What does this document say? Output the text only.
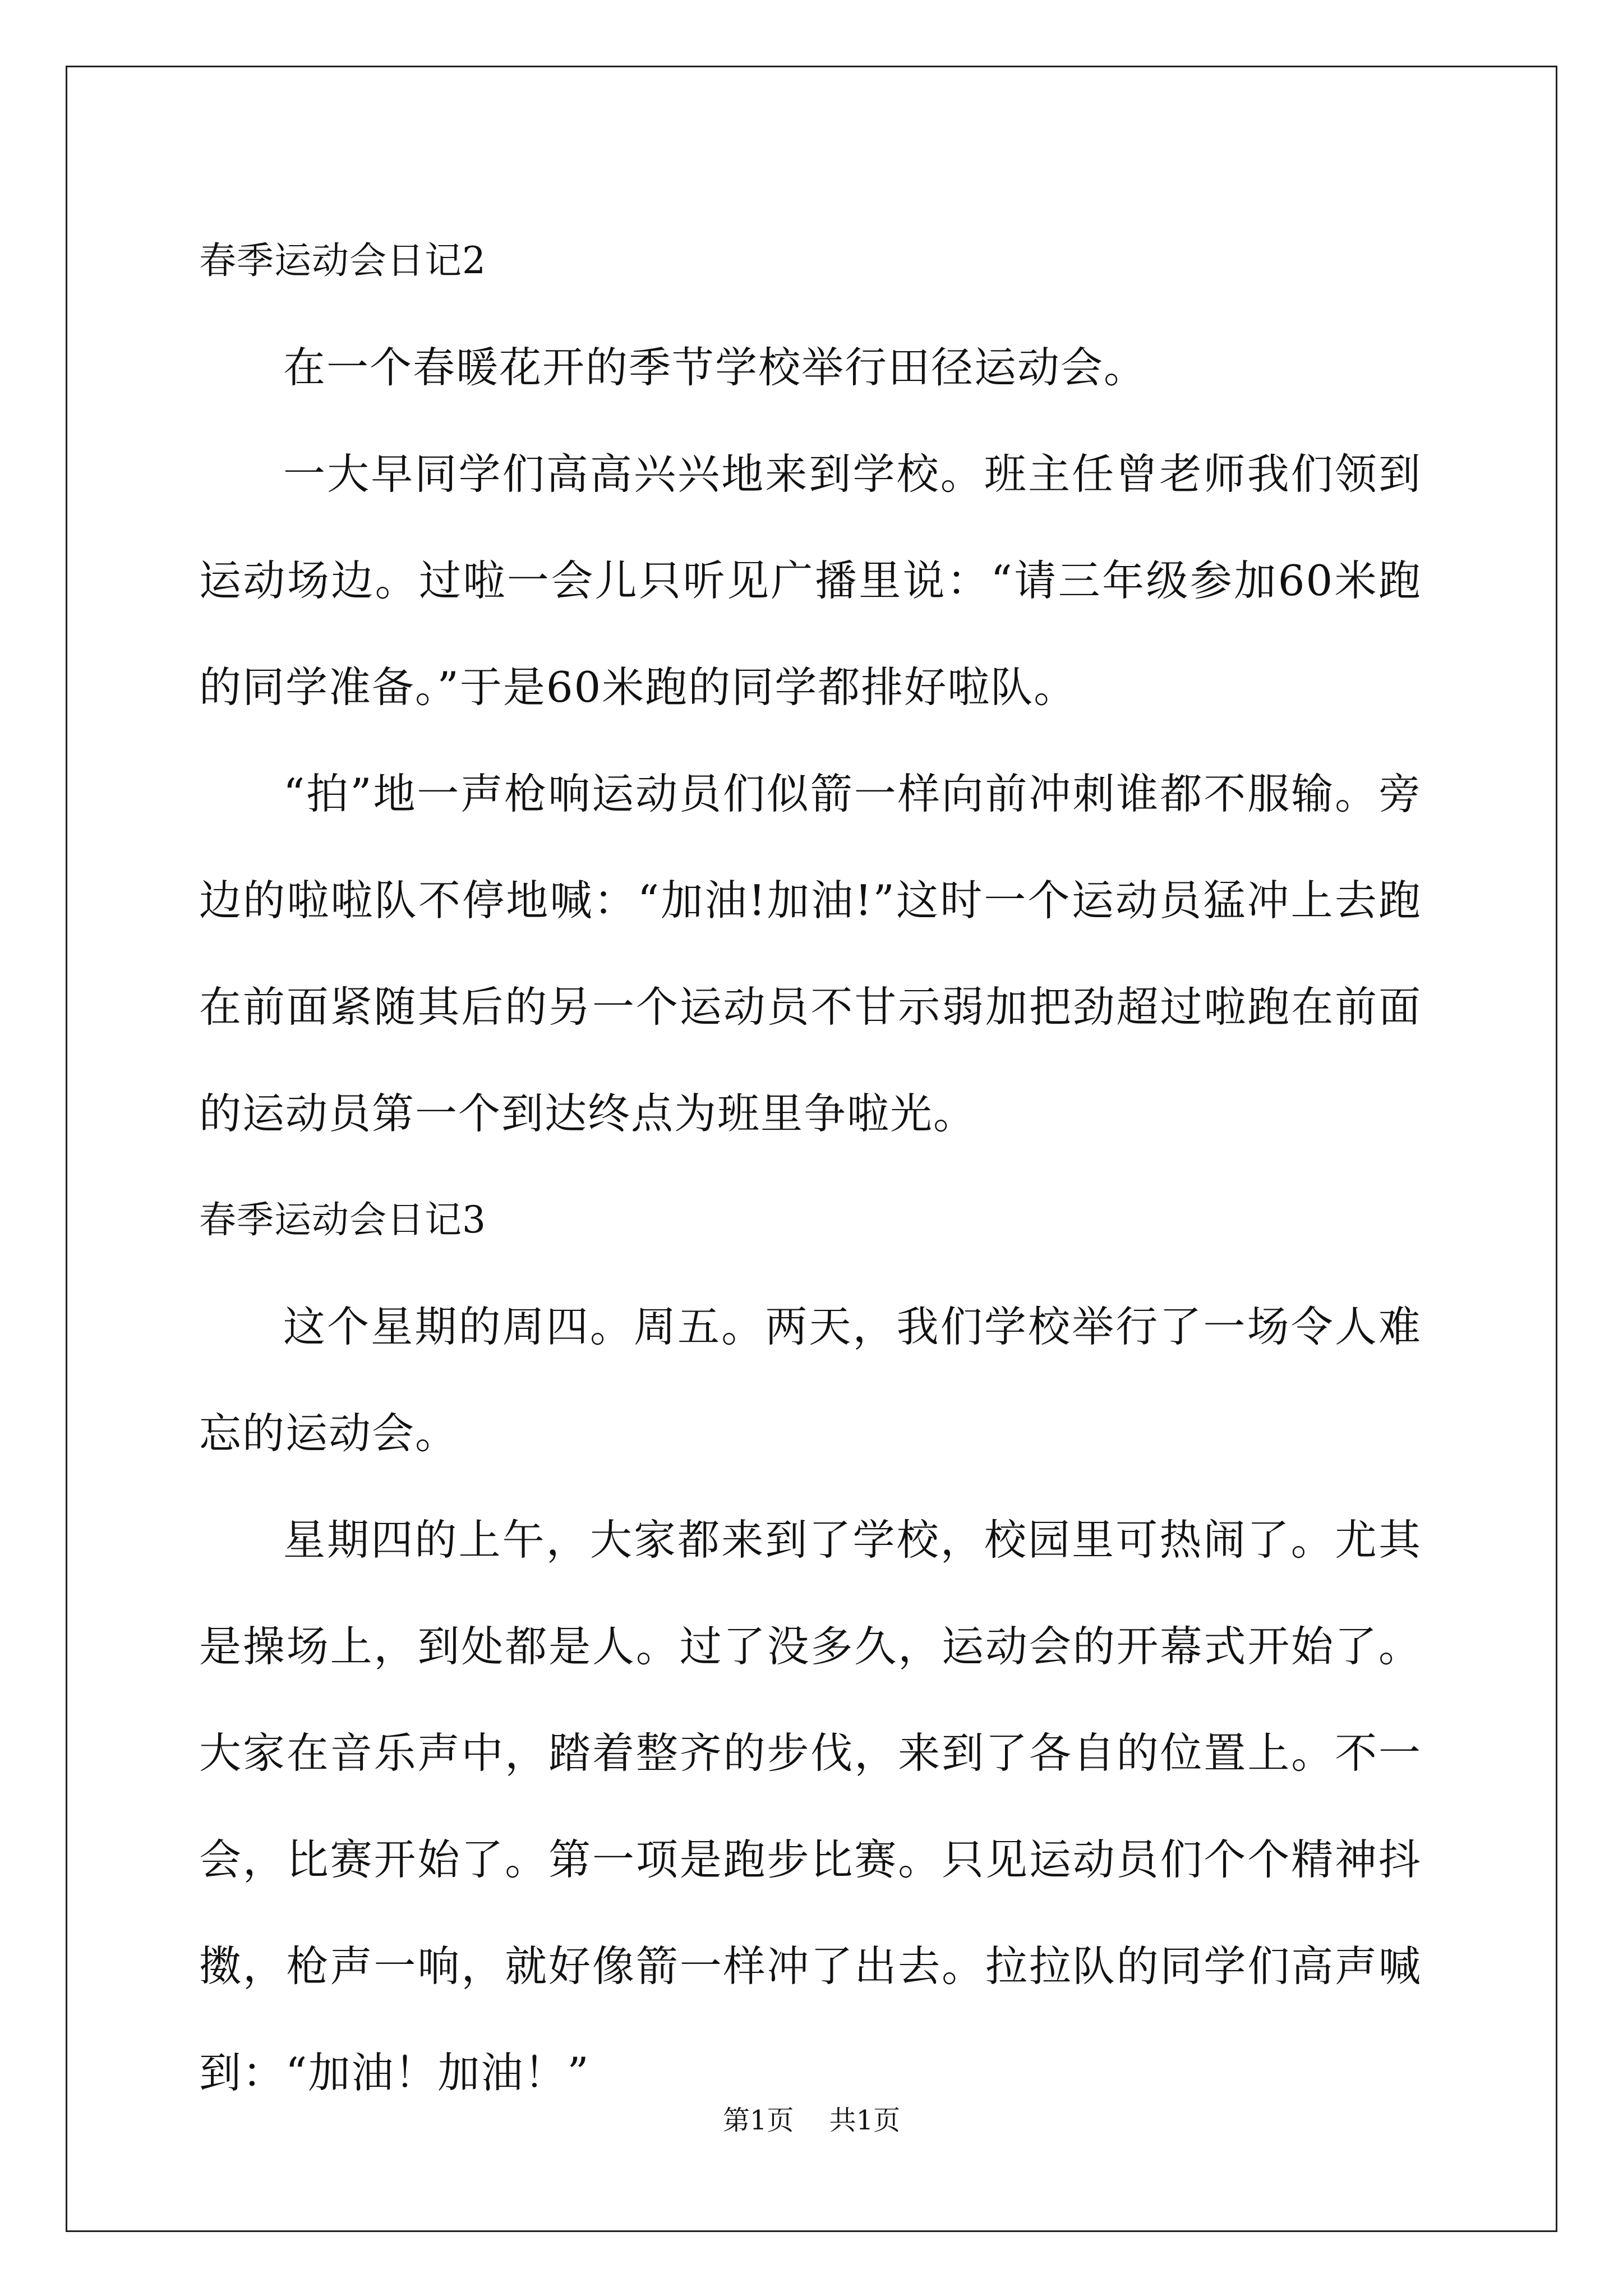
春季运动会日记2

在一个春暖花开的季节学校举行田径运动会。

一大早同学们高高兴兴地来到学校。班主任曾老师我们领到运动场边。过啦一会儿只听见广播里说：“请三年级参加60米跑的同学准备。”于是60米跑的同学都排好啦队。

“拍”地一声枪响运动员们似箭一样向前冲刺谁都不服输。旁边的啦啦队不停地喊：“加油!加油!”这时一个运动员猛冲上去跑在前面紧随其后的另一个运动员不甘示弱加把劲超过啦跑在前面的运动员第一个到达终点为班里争啦光。

春季运动会日记3

这个星期的周四。周五。两天，我们学校举行了一场令人难忘的运动会。

星期四的上午，大家都来到了学校，校园里可热闹了。尤其是操场上，到处都是人。过了没多久，运动会的开幕式开始了。大家在音乐声中，踏着整齐的步伐，来到了各自的位置上。不一会，比赛开始了。第一项是跑步比赛。只见运动员们个个精神抖擞，枪声一响，就好像箭一样冲了出去。拉拉队的同学们高声喊到：“加油！加油！”

第1页 共1页
